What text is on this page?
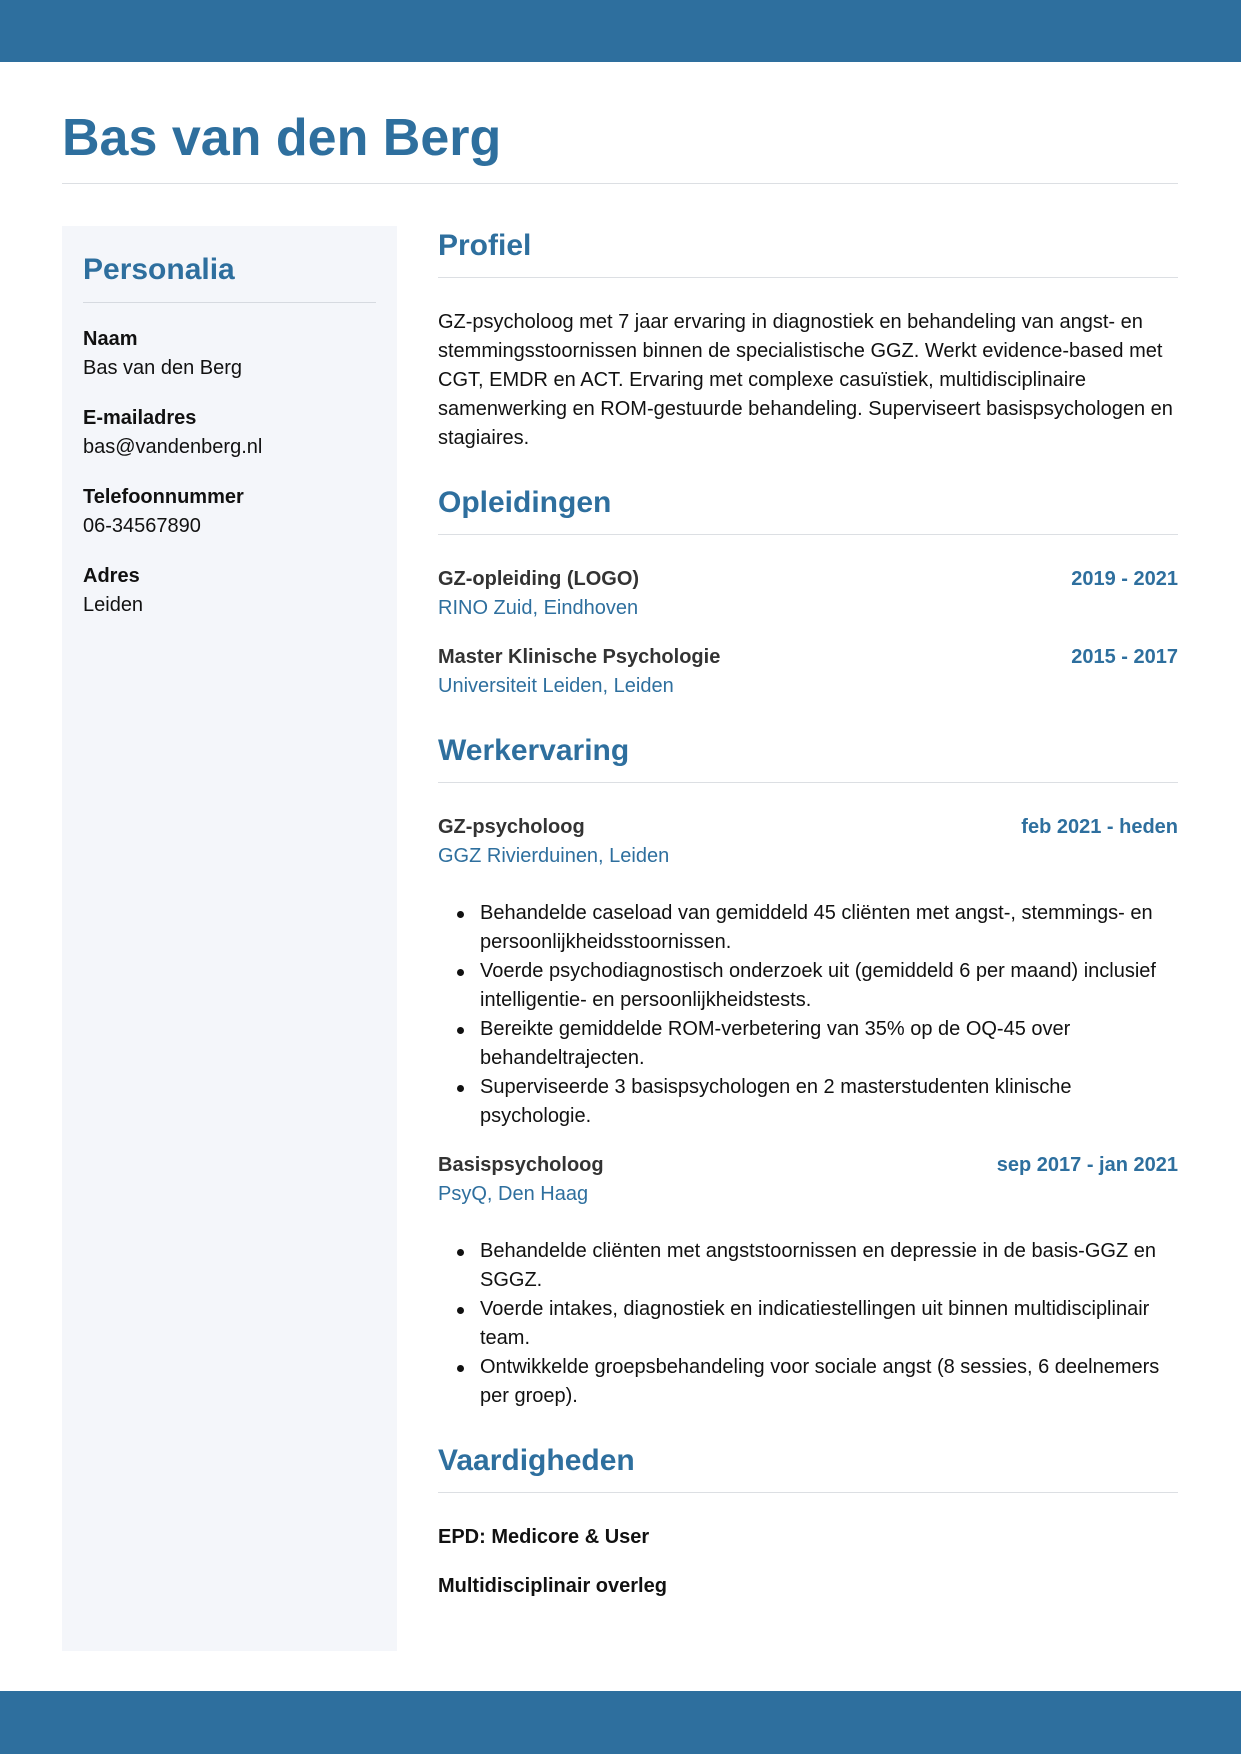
Bas van den Berg
Personalia
Naam
Bas van den Berg
E-mailadres
bas@vandenberg.nl
Telefoonnummer
06-34567890
Adres
Leiden
Profiel

GZ-psycholoog met 7 jaar ervaring in diagnostiek en behandeling van angst- en stemmingsstoornissen binnen de specialistische GGZ. Werkt evidence-based met CGT, EMDR en ACT. Ervaring met complexe casuïstiek, multidisciplinaire samenwerking en ROM-gestuurde behandeling. Superviseert basispsychologen en stagiaires.

Opleidingen
GZ-opleiding (LOGO)	2019 - 2021
RINO Zuid, Eindhoven
Master Klinische Psychologie	2015 - 2017
Universiteit Leiden, Leiden
Werkervaring
GZ-psycholoog	feb 2021 - heden
GGZ Rivierduinen, Leiden
Behandelde caseload van gemiddeld 45 cliënten met angst-, stemmings- en persoonlijkheidsstoornissen.
Voerde psychodiagnostisch onderzoek uit (gemiddeld 6 per maand) inclusief intelligentie- en persoonlijkheidstests.
Bereikte gemiddelde ROM-verbetering van 35% op de OQ-45 over behandeltrajecten.
Superviseerde 3 basispsychologen en 2 masterstudenten klinische psychologie.
Basispsycholoog	sep 2017 - jan 2021
PsyQ, Den Haag
Behandelde cliënten met angststoornissen en depressie in de basis-GGZ en SGGZ.
Voerde intakes, diagnostiek en indicatiestellingen uit binnen multidisciplinair team.
Ontwikkelde groepsbehandeling voor sociale angst (8 sessies, 6 deelnemers per groep).
Vaardigheden
EPD: Medicore & User
Multidisciplinair overleg
